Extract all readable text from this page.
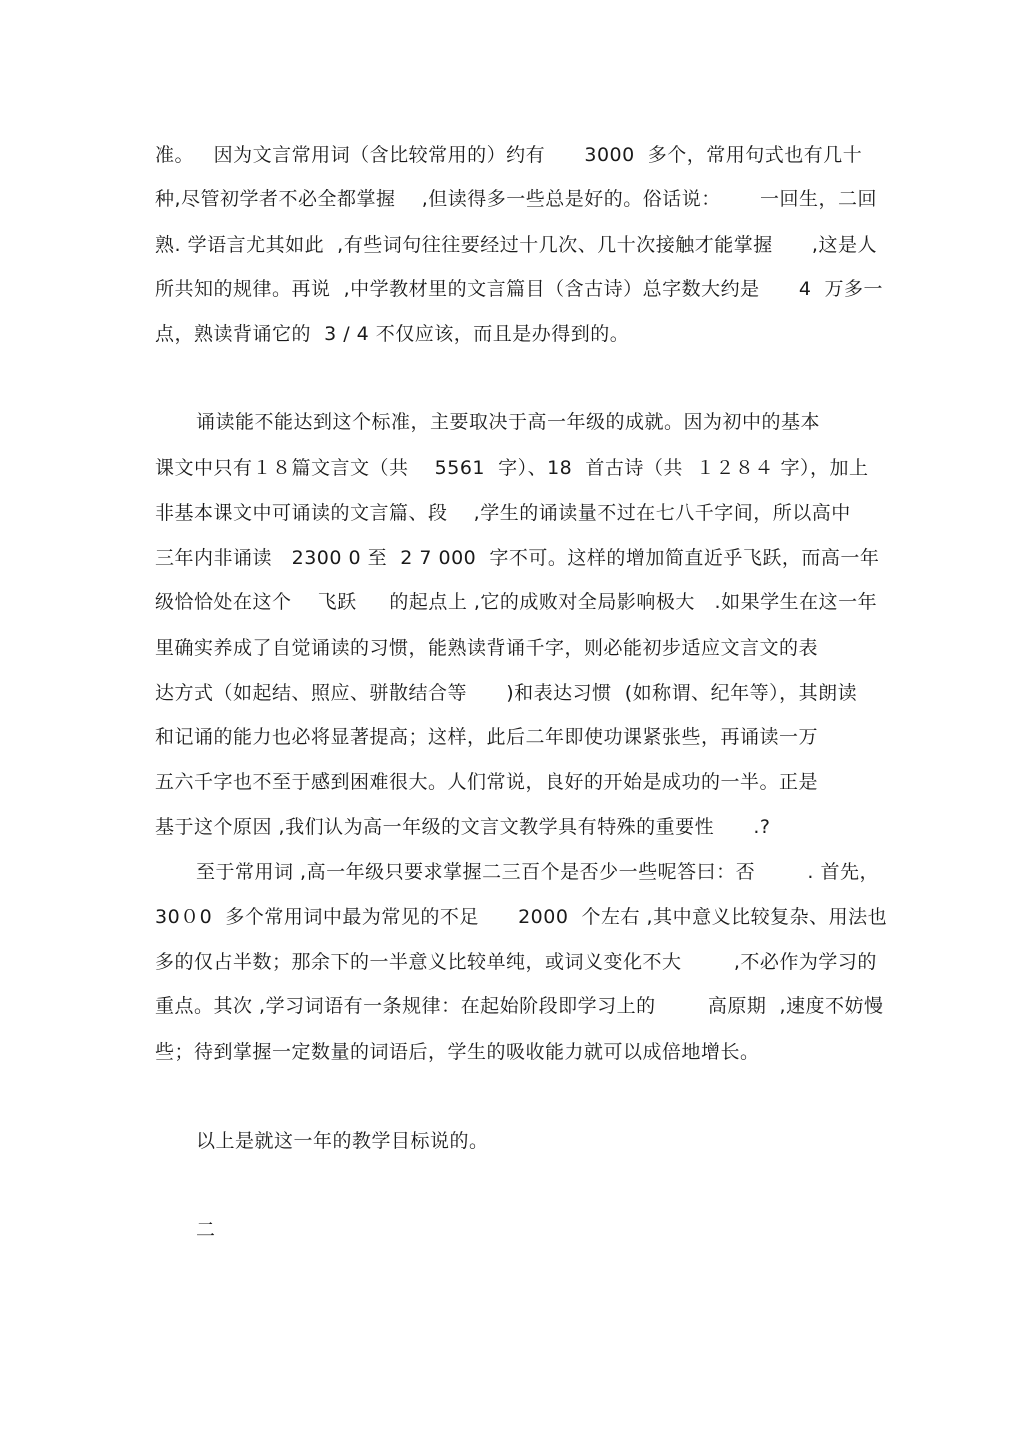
准。   因为文言常用词（含比较常用的）约有      3000  多个，常用句式也有几十
种,尽管初学者不必全都掌握    ,但读得多一些总是好的。俗话说：      一回生，二回
熟. 学语言尤其如此  ,有些词句往往要经过十几次、几十次接触才能掌握      ,这是人
所共知的规律。再说  ,中学教材里的文言篇目（含古诗）总字数大约是      4  万多一
点，熟读背诵它的  3 / 4 不仅应该，而且是办得到的。
诵读能不能达到这个标准，主要取决于高一年级的成就。因为初中的基本
课文中只有１８篇文言文（共    5561  字）、18  首古诗（共  １２８４ 字），加上
非基本课文中可诵读的文言篇、段    ,学生的诵读量不过在七八千字间，所以高中
三年内非诵读   2300 0 至  2 7 000  字不可。这样的增加简直近乎飞跃，而高一年
级恰恰处在这个    飞跃     的起点上 ,它的成败对全局影响极大   .如果学生在这一年
里确实养成了自觉诵读的习惯，能熟读背诵千字，则必能初步适应文言文的表
达方式（如起结、照应、骈散结合等      )和表达习惯  (如称谓、纪年等），其朗读
和记诵的能力也必将显著提高；这样，此后二年即使功课紧张些，再诵读一万
五六千字也不至于感到困难很大。人们常说，良好的开始是成功的一半。正是
基于这个原因 ,我们认为高一年级的文言文教学具有特殊的重要性      .?
至于常用词 ,高一年级只要求掌握二三百个是否少一些呢答曰：否        . 首先，
30０0  多个常用词中最为常见的不足      2000  个左右 ,其中意义比较复杂、用法也
多的仅占半数；那余下的一半意义比较单纯，或词义变化不大        ,不必作为学习的
重点。其次 ,学习词语有一条规律：在起始阶段即学习上的        高原期  ,速度不妨慢
些；待到掌握一定数量的词语后，学生的吸收能力就可以成倍地增长。
以上是就这一年的教学目标说的。
二
